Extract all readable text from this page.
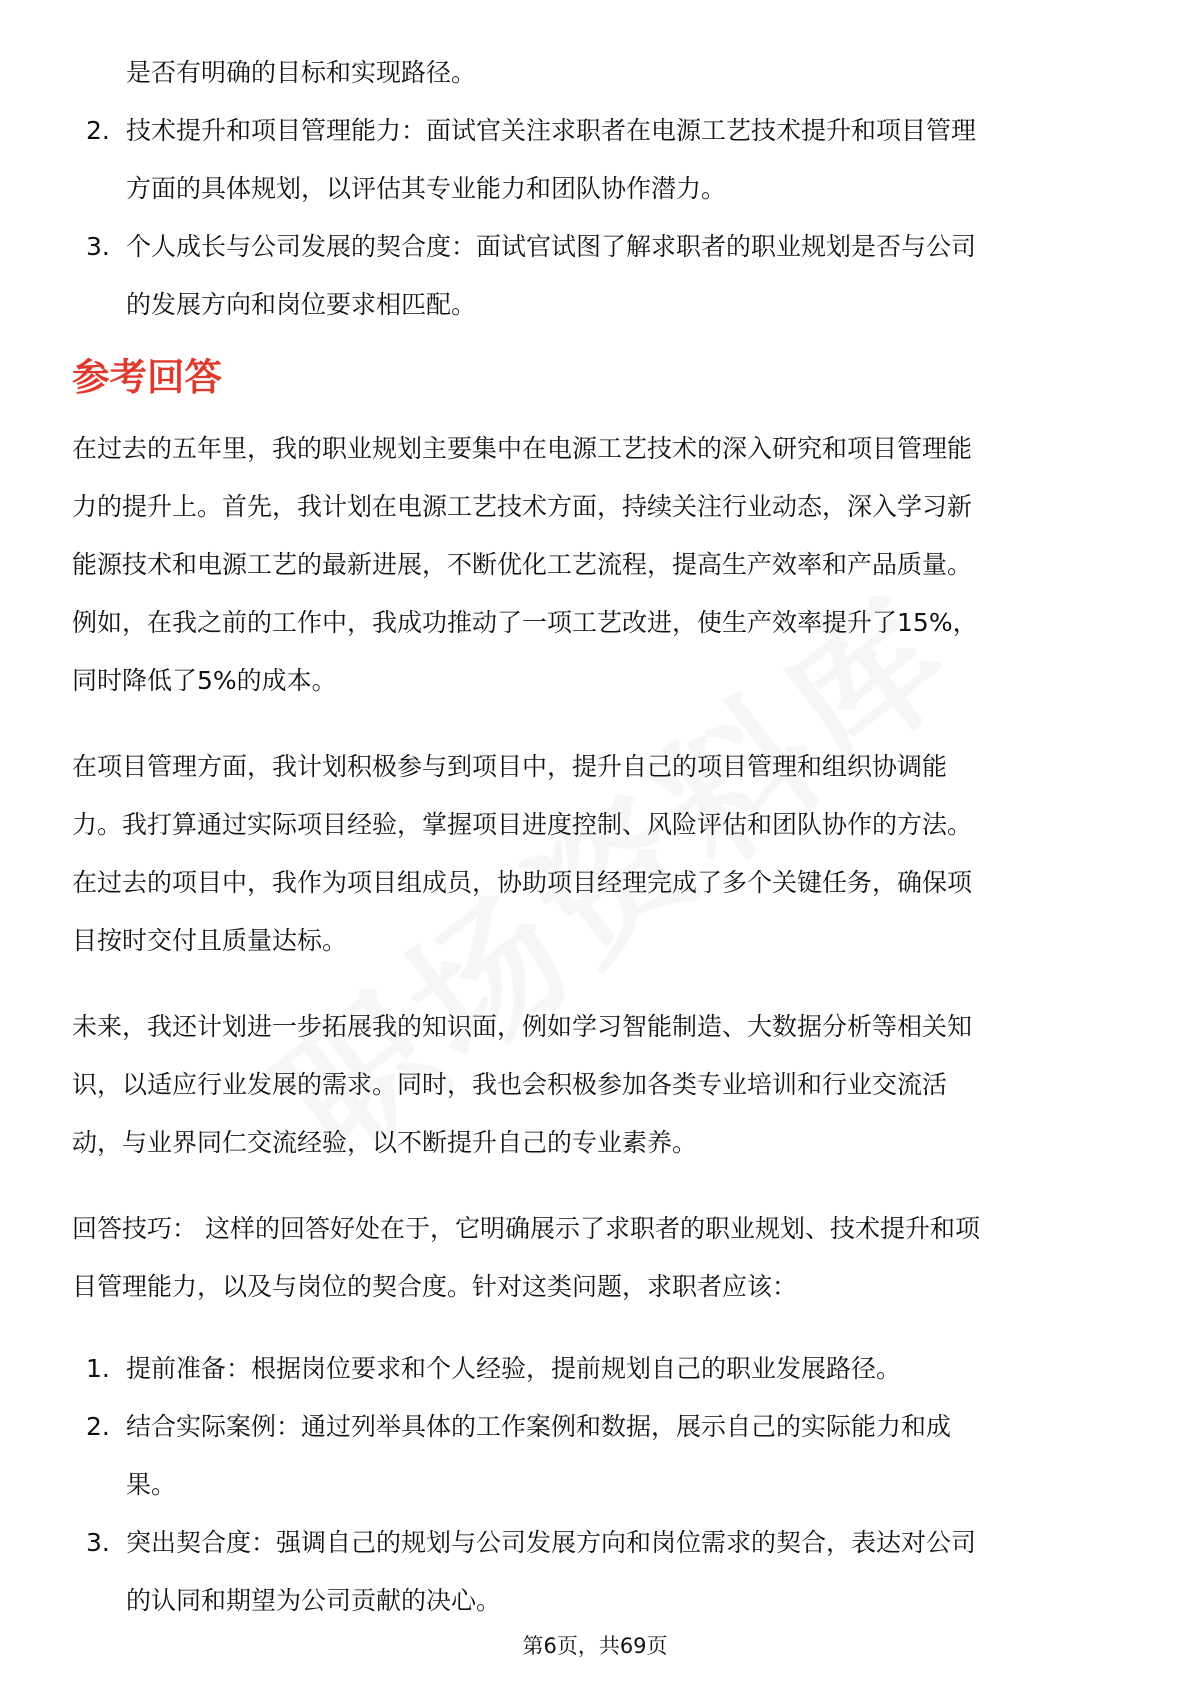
是否有明确的目标和实现路径。
2. 技术提升和项目管理能力：面试官关注求职者在电源工艺技术提升和项目管理
方面的具体规划，以评估其专业能力和团队协作潜力。
3. 个人成长与公司发展的契合度：面试官试图了解求职者的职业规划是否与公司
的发展方向和岗位要求相匹配。
参考回答
在过去的五年里，我的职业规划主要集中在电源工艺技术的深入研究和项目管理能
力的提升上。首先，我计划在电源工艺技术方面，持续关注行业动态，深入学习新
能源技术和电源工艺的最新进展，不断优化工艺流程，提高生产效率和产品质量。
例如，在我之前的工作中，我成功推动了一项工艺改进，使生产效率提升了15%，
同时降低了5%的成本。
在项目管理方面，我计划积极参与到项目中，提升自己的项目管理和组织协调能
力。我打算通过实际项目经验，掌握项目进度控制、风险评估和团队协作的方法。
在过去的项目中，我作为项目组成员，协助项目经理完成了多个关键任务，确保项
目按时交付且质量达标。
未来，我还计划进一步拓展我的知识面，例如学习智能制造、大数据分析等相关知
识，以适应行业发展的需求。同时，我也会积极参加各类专业培训和行业交流活
动，与业界同仁交流经验，以不断提升自己的专业素养。
回答技巧： 这样的回答好处在于，它明确展示了求职者的职业规划、技术提升和项
目管理能力，以及与岗位的契合度。针对这类问题，求职者应该：
1. 提前准备：根据岗位要求和个人经验，提前规划自己的职业发展路径。
2. 结合实际案例：通过列举具体的工作案例和数据，展示自己的实际能力和成
果。
3. 突出契合度：强调自己的规划与公司发展方向和岗位需求的契合，表达对公司
的认同和期望为公司贡献的决心。
第6页，共69页
